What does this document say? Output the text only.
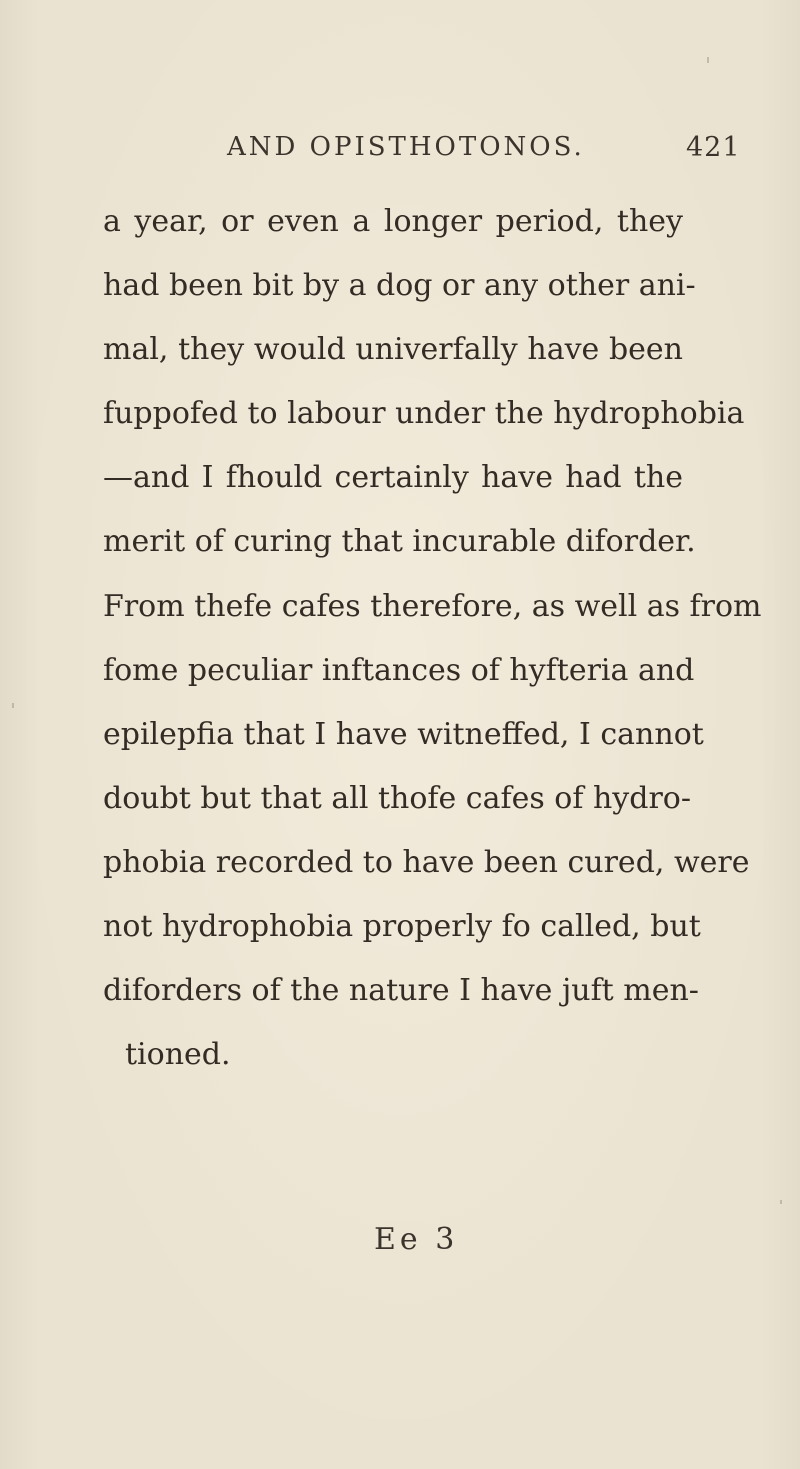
AND OPISTHOTONOS.	421
a year, or even a longer period, they
had been bit by a dog or any other ani-
mal, they would univerfally have been
fuppofed to labour under the hydrophobia
—and I fhould certainly have had the
merit of curing that incurable diforder.
From thefe cafes therefore, as well as from
fome peculiar inftances of hyfteria and
epilepfia that I have witneffed, I cannot
doubt but that all thofe cafes of hydro-
phobia recorded to have been cured, were
not hydrophobia properly fo called, but
diforders of the nature I have juft men-
tioned.
Ee 3
